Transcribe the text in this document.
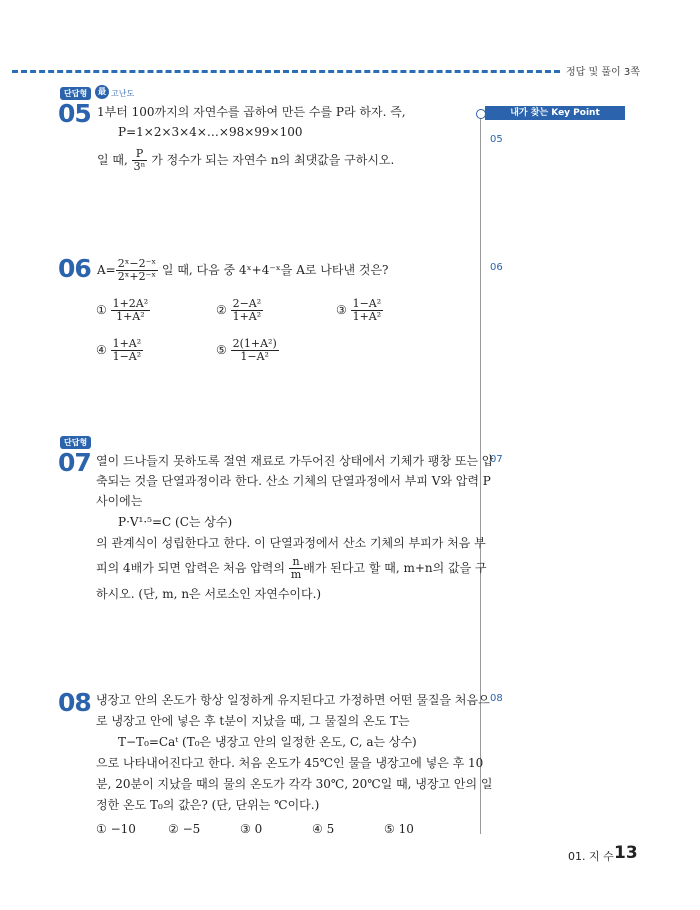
정답 및 풀이 3쪽
내가 찾는 Key Point
05
06
07
08
단답형	最 고난도
05 1부터 100까지의 자연수를 곱하여 만든 수를 P라 하자. 즉,
P=1×2×3×4×…×98×99×100
일 때, $\frac{P}{\text{3ⁿ}}$ 가 정수가 되는 자연수 n의 최댓값을 구하시오.
06 $A= \frac{\text{2ˣ−2⁻ˣ}}{\text{2ˣ+2⁻ˣ}}$ 일 때, 다음 중 4ˣ+4⁻ˣ을 A로 나타낸 것은?
① $\frac{\text{1+2A²}}{\text{1+A²}}$	② $\frac{\text{2−A²}}{\text{1+A²}}$	③ $\frac{\text{1−A²}}{\text{1+A²}}$
④ $\frac{\text{1+A²}}{\text{1−A²}}$	⑤ $\frac{\text{2(1+A²)}}{\text{1−A²}}$
단답형
07 열이 드나들지 못하도록 절연 재료로 가두어진 상태에서 기체가 팽창 또는 압
축되는 것을 단열과정이라 한다. 산소 기체의 단열과정에서 부피 V와 압력 P
사이에는
P·V¹·⁵=C (C는 상수)
의 관계식이 성립한다고 한다. 이 단열과정에서 산소 기체의 부피가 처음 부
피의 4배가 되면 압력은 처음 압력의 $\frac{n}{m}$ 배가 된다고 할 때, m+n의 값을 구
하시오. (단, m, n은 서로소인 자연수이다.)
08 냉장고 안의 온도가 항상 일정하게 유지된다고 가정하면 어떤 물질을 처음으
로 냉장고 안에 넣은 후 t분이 지났을 때, 그 물질의 온도 T는
T−T₀=Caᵗ (T₀은 냉장고 안의 일정한 온도, C, a는 상수)
으로 나타내어진다고 한다. 처음 온도가 45℃인 물을 냉장고에 넣은 후 10
분, 20분이 지났을 때의 물의 온도가 각각 30℃, 20℃일 때, 냉장고 안의 일
정한 온도 T₀의 값은? (단, 단위는 ℃이다.)
① −10	② −5	③ 0	④ 5	⑤ 10
01. 지 수 13
